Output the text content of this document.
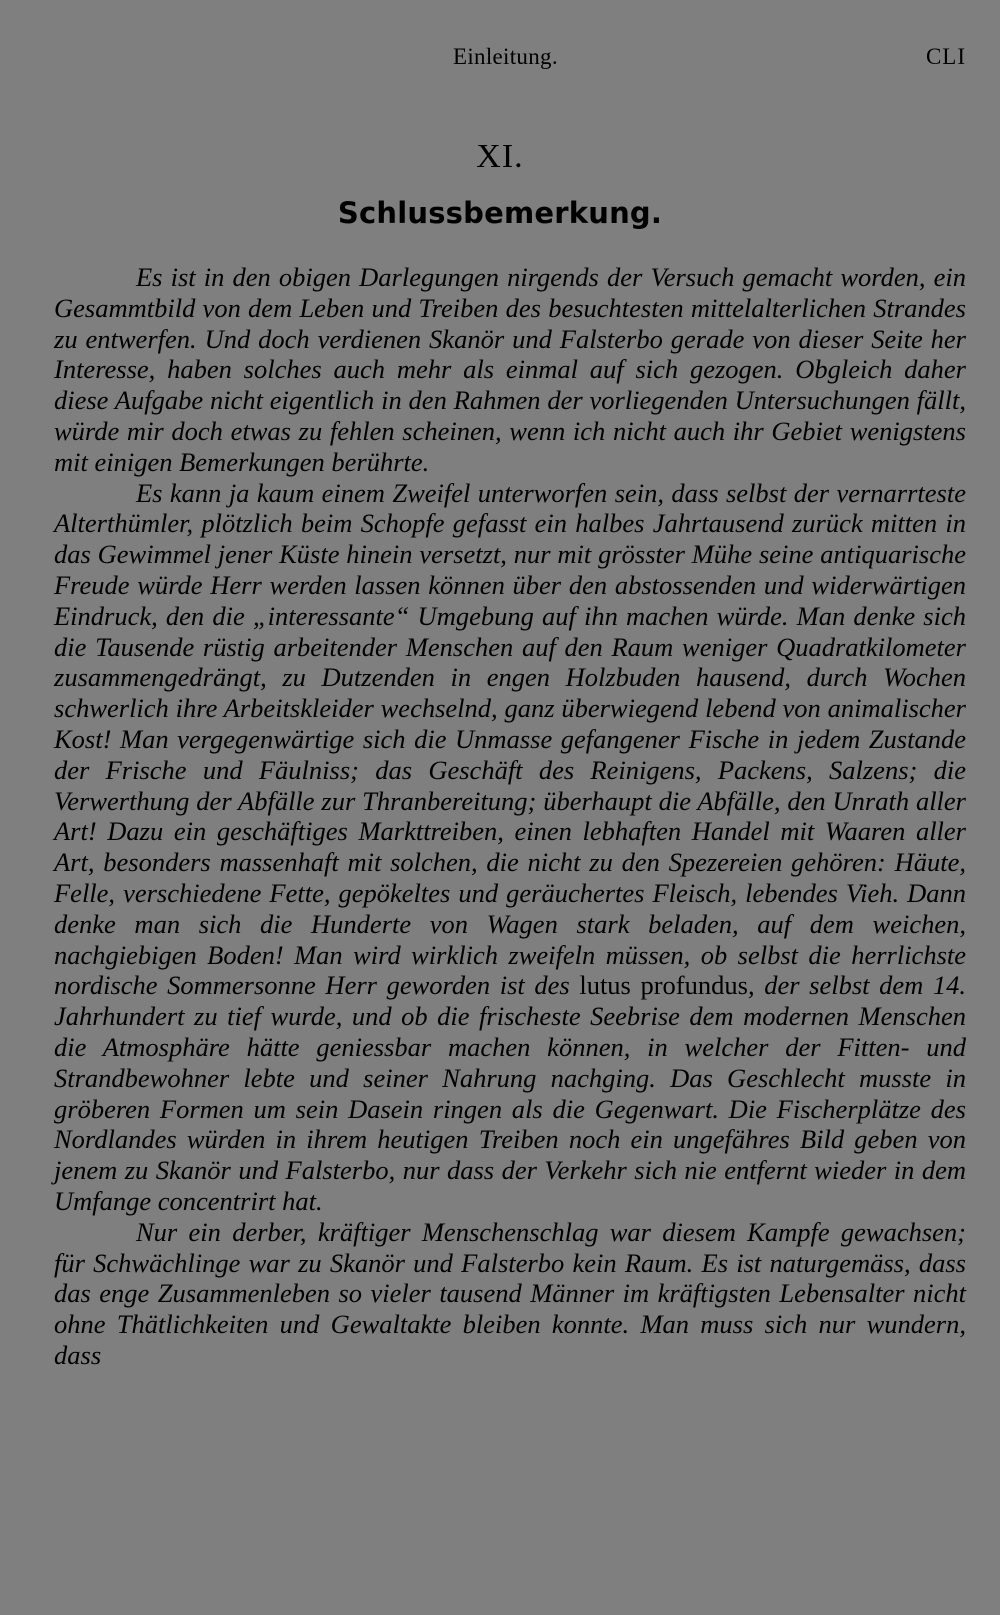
Einleitung.	CLI
XI.
Schlussbemerkung.

Es ist in den obigen Darlegungen nirgends der Versuch gemacht worden, ein Gesammtbild von dem Leben und Treiben des besuchtesten mittelalterlichen Strandes zu entwerfen. Und doch verdienen Skanör und Falsterbo gerade von dieser Seite her Interesse, haben solches auch mehr als einmal auf sich gezogen. Obgleich daher diese Aufgabe nicht eigentlich in den Rahmen der vorliegenden Untersuchungen fällt, würde mir doch etwas zu fehlen scheinen, wenn ich nicht auch ihr Gebiet wenigstens mit einigen Bemerkungen berührte.

Es kann ja kaum einem Zweifel unterworfen sein, dass selbst der vernarrteste Alterthümler, plötzlich beim Schopfe gefasst ein halbes Jahrtausend zurück mitten in das Gewimmel jener Küste hinein versetzt, nur mit grösster Mühe seine antiquarische Freude würde Herr werden lassen können über den abstossenden und widerwärtigen Eindruck, den die „interessante“ Umgebung auf ihn machen würde. Man denke sich die Tausende rüstig arbeitender Menschen auf den Raum weniger Quadratkilometer zusammengedrängt, zu Dutzenden in engen Holzbuden hausend, durch Wochen schwerlich ihre Arbeitskleider wechselnd, ganz überwiegend lebend von animalischer Kost! Man vergegenwärtige sich die Unmasse gefangener Fische in jedem Zustande der Frische und Fäulniss; das Geschäft des Reinigens, Packens, Salzens; die Verwerthung der Abfälle zur Thranbereitung; überhaupt die Abfälle, den Unrath aller Art! Dazu ein geschäftiges Markttreiben, einen lebhaften Handel mit Waaren aller Art, besonders massenhaft mit solchen, die nicht zu den Spezereien gehören: Häute, Felle, verschiedene Fette, gepökeltes und geräuchertes Fleisch, lebendes Vieh. Dann denke man sich die Hunderte von Wagen stark beladen, auf dem weichen, nachgiebigen Boden! Man wird wirklich zweifeln müssen, ob selbst die herrlichste nordische Sommersonne Herr geworden ist des lutus profundus, der selbst dem 14. Jahrhundert zu tief wurde, und ob die frischeste Seebrise dem modernen Menschen die Atmosphäre hätte geniessbar machen können, in welcher der Fitten- und Strandbewohner lebte und seiner Nahrung nachging. Das Geschlecht musste in gröberen Formen um sein Dasein ringen als die Gegenwart. Die Fischerplätze des Nordlandes würden in ihrem heutigen Treiben noch ein ungefähres Bild geben von jenem zu Skanör und Falsterbo, nur dass der Verkehr sich nie entfernt wieder in dem Umfange concentrirt hat.

Nur ein derber, kräftiger Menschenschlag war diesem Kampfe gewachsen; für Schwächlinge war zu Skanör und Falsterbo kein Raum. Es ist naturgemäss, dass das enge Zusammenleben so vieler tausend Männer im kräftigsten Lebensalter nicht ohne Thätlichkeiten und Gewaltakte bleiben konnte. Man muss sich nur wundern, dass
